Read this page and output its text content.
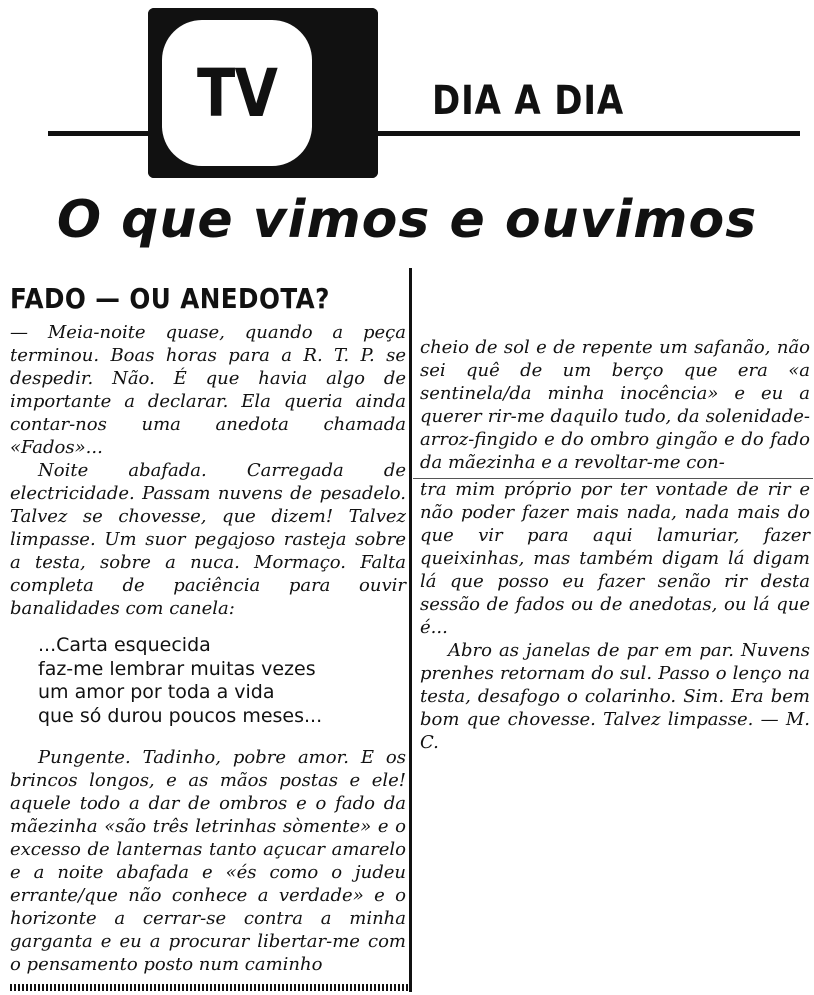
TV	DIA A DIA
O que vimos e ouvimos
FADO — OU ANEDOTA?

— Meia-noite quase, quando a peça terminou. Boas horas para a R. T. P. se despedir. Não. É que havia algo de importante a declarar. Ela queria ainda contar-nos uma anedota chamada «Fados»...

Noite abafada. Carregada de electricidade. Passam nuvens de pesadelo. Talvez se chovesse, que dizem! Talvez limpasse. Um suor pegajoso rasteja sobre a testa, sobre a nuca. Mormaço. Falta completa de paciência para ouvir banalidades com canela:

...Carta esquecida
faz-me lembrar muitas vezes
um amor por toda a vida
que só durou poucos meses...

Pungente. Tadinho, pobre amor. E os brincos longos, e as mãos postas e ele! aquele todo a dar de ombros e o fado da mãezinha «são três letrinhas sòmente» e o excesso de lanternas tanto açucar amarelo e a noite abafada e «és como o judeu errante/que não conhece a verdade» e o horizonte a cerrar-se contra a minha garganta e eu a procurar libertar-me com o pensamento posto num caminho

cheio de sol e de repente um safanão, não sei quê de um berço que era «a sentinela/da minha inocência» e eu a querer rir-me daquilo tudo, da solenidade-arroz-fingido e do ombro gingão e do fado da mãezinha e a revoltar-me con-

tra mim próprio por ter vontade de rir e não poder fazer mais nada, nada mais do que vir para aqui lamuriar, fazer queixinhas, mas também digam lá digam lá que posso eu fazer senão rir desta sessão de fados ou de anedotas, ou lá que é...

Abro as janelas de par em par. Nuvens prenhes retornam do sul. Passo o lenço na testa, desafogo o colarinho. Sim. Era bem bom que chovesse. Talvez limpasse. — M. C.
